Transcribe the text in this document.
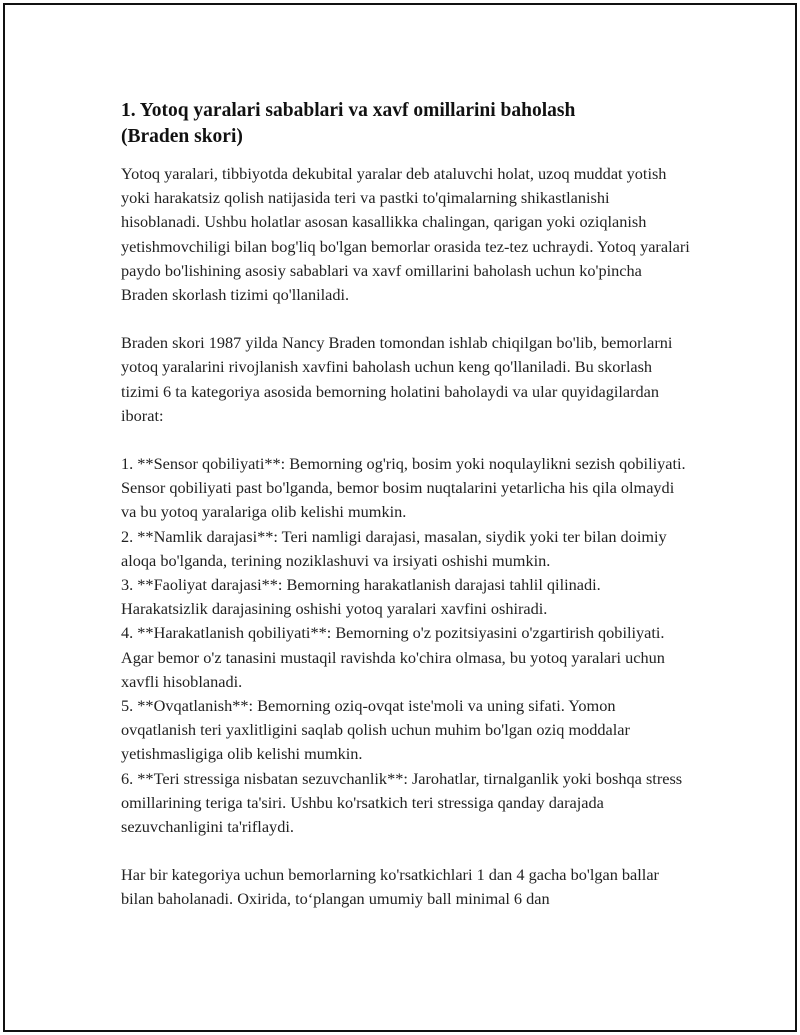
1. Yotoq yaralari sabablari va xavf omillarini baholash
(Braden skori)

Yotoq yaralari, tibbiyotda dekubital yaralar deb ataluvchi holat, uzoq muddat yotish yoki harakatsiz qolish natijasida teri va pastki to'qimalarning shikastlanishi hisoblanadi. Ushbu holatlar asosan kasallikka chalingan, qarigan yoki oziqlanish yetishmovchiligi bilan bog'liq bo'lgan bemorlar orasida tez-tez uchraydi. Yotoq yaralari paydo bo'lishining asosiy sabablari va xavf omillarini baholash uchun ko'pincha Braden skorlash tizimi qo'llaniladi.

Braden skori 1987 yilda Nancy Braden tomondan ishlab chiqilgan bo'lib, bemorlarni yotoq yaralarini rivojlanish xavfini baholash uchun keng qo'llaniladi. Bu skorlash tizimi 6 ta kategoriya asosida bemorning holatini baholaydi va ular quyidagilardan iborat:

1. **Sensor qobiliyati**: Bemorning og'riq, bosim yoki noqulaylikni sezish qobiliyati. Sensor qobiliyati past bo'lganda, bemor bosim nuqtalarini yetarlicha his qila olmaydi va bu yotoq yaralariga olib kelishi mumkin.
2. **Namlik darajasi**: Teri namligi darajasi, masalan, siydik yoki ter bilan doimiy aloqa bo'lganda, terining noziklashuvi va irsiyati oshishi mumkin.
3. **Faoliyat darajasi**: Bemorning harakatlanish darajasi tahlil qilinadi. Harakatsizlik darajasining oshishi yotoq yaralari xavfini oshiradi.
4. **Harakatlanish qobiliyati**: Bemorning o'z pozitsiyasini o'zgartirish qobiliyati. Agar bemor o'z tanasini mustaqil ravishda ko'chira olmasa, bu yotoq yaralari uchun xavfli hisoblanadi.
5. **Ovqatlanish**: Bemorning oziq-ovqat iste'moli va uning sifati. Yomon ovqatlanish teri yaxlitligini saqlab qolish uchun muhim bo'lgan oziq moddalar yetishmasligiga olib kelishi mumkin.
6. **Teri stressiga nisbatan sezuvchanlik**: Jarohatlar, tirnalganlik yoki boshqa stress omillarining teriga ta'siri. Ushbu ko'rsatkich teri stressiga qanday darajada sezuvchanligini ta'riflaydi.

Har bir kategoriya uchun bemorlarning ko'rsatkichlari 1 dan 4 gacha bo'lgan ballar bilan baholanadi. Oxirida, to‘plangan umumiy ball minimal 6 dan
